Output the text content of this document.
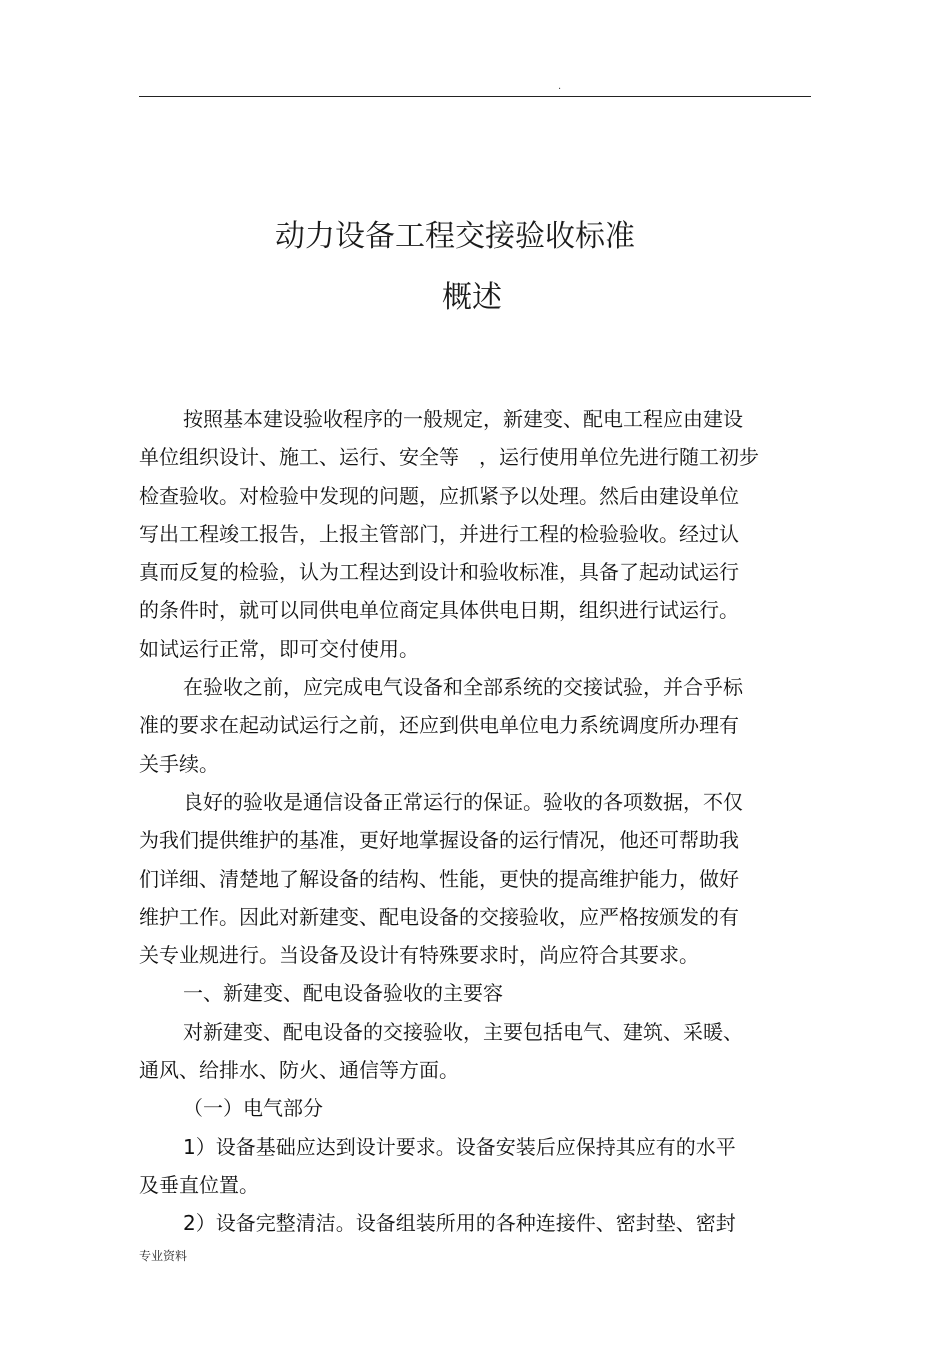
.
动力设备工程交接验收标准
概述

按照基本建设验收程序的一般规定，新建变、配电工程应由建设
单位组织设计、施工、运行、安全等　，运行使用单位先进行随工初步
检查验收。对检验中发现的问题，应抓紧予以处理。然后由建设单位
写出工程竣工报告，上报主管部门，并进行工程的检验验收。经过认
真而反复的检验，认为工程达到设计和验收标准，具备了起动试运行
的条件时，就可以同供电单位商定具体供电日期，组织进行试运行。
如试运行正常，即可交付使用。

在验收之前，应完成电气设备和全部系统的交接试验，并合乎标
准的要求在起动试运行之前，还应到供电单位电力系统调度所办理有
关手续。

良好的验收是通信设备正常运行的保证。验收的各项数据，不仅
为我们提供维护的基准，更好地掌握设备的运行情况，他还可帮助我
们详细、清楚地了解设备的结构、性能，更快的提高维护能力，做好
维护工作。因此对新建变、配电设备的交接验收，应严格按颁发的有
关专业规进行。当设备及设计有特殊要求时，尚应符合其要求。

一、新建变、配电设备验收的主要容

对新建变、配电设备的交接验收，主要包括电气、建筑、采暖、
通风、给排水、防火、通信等方面。

（一）电气部分

1）设备基础应达到设计要求。设备安装后应保持其应有的水平
及垂直位置。

2）设备完整清洁。设备组装所用的各种连接件、密封垫、密封

专业资料
